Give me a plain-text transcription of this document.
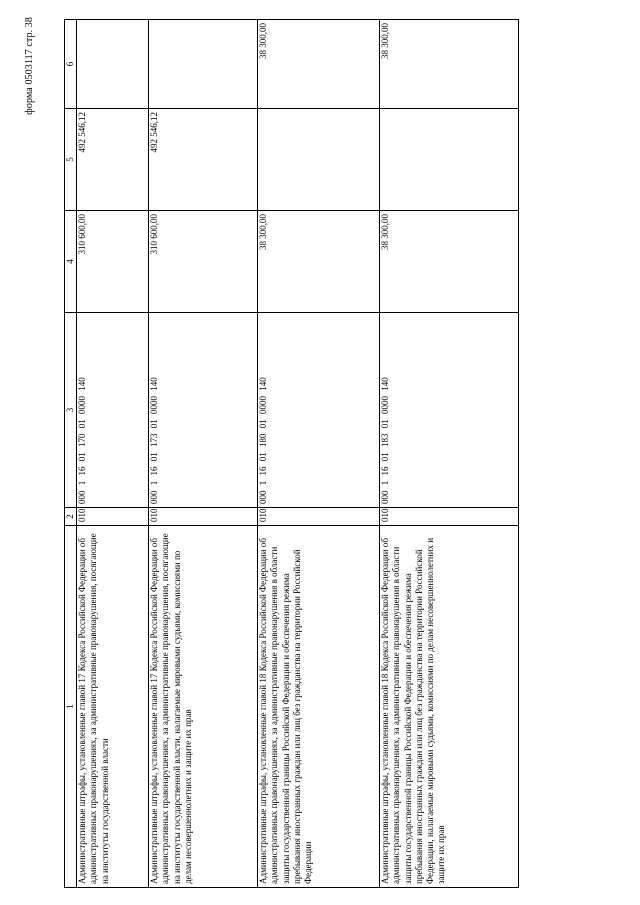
форма 0503117 стр. 38
1	2	3	4	5	6
Административные штрафы, установленные главой 17 Кодекса Российской Федерации об административных правонарушениях, за административные правонарушения, посягающие на институты государственной власти	010	000 1 16 01 170 01 0000 140	310 600,00	492 546,12	
Административные штрафы, установленные главой 17 Кодекса Российской Федерации об административных правонарушениях, за административные правонарушения, посягающие на институты государственной власти, налагаемые мировыми судьями, комиссиями по делам несовершеннолетних и защите их прав	010	000 1 16 01 173 01 0000 140	310 600,00	492 546,12	
Административные штрафы, установленные главой 18 Кодекса Российской Федерации об административных правонарушениях, за административные правонарушения в области защиты государственной границы Российской Федерации и обеспечения режима пребывания иностранных граждан или лиц без гражданства на территории Российской Федерации	010	000 1 16 01 180 01 0000 140	38 300,00		38 300,00
Административные штрафы, установленные главой 18 Кодекса Российской Федерации об административных правонарушениях, за административные правонарушения в области защиты государственной границы Российской Федерации и обеспечения режима пребывания иностранных граждан или лиц без гражданства на территории Российской Федерации, налагаемые мировыми судьями, комиссиями по делам несовершеннолетних и защите их прав	010	000 1 16 01 183 01 0000 140	38 300,00		38 300,00
